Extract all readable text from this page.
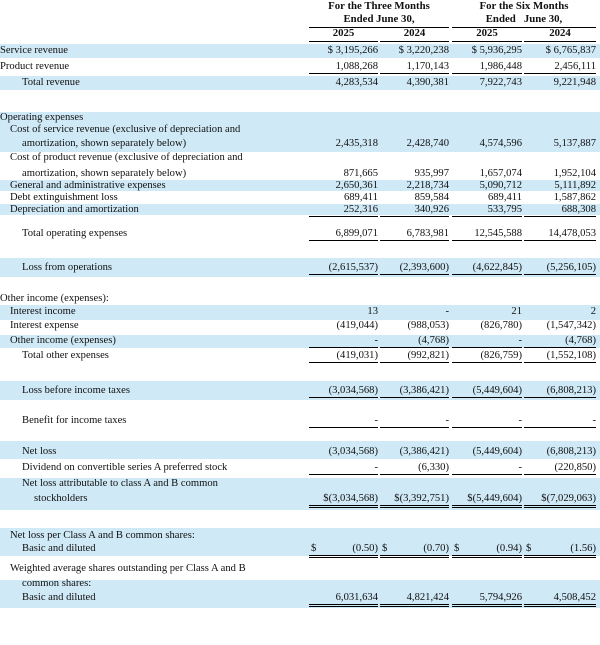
For the Three Months
Ended June 30,
For the Six Months
Ended   June 30,
2025	2024	2025	2024
Service revenue	$ 3,195,266	$ 3,220,238	$ 5,936,295	$ 6,765,837
Product revenue	1,088,268	1,170,143	1,986,448	2,456,111
Total revenue	4,283,534	4,390,381	7,922,743	9,221,948
Operating expenses
Cost of service revenue (exclusive of depreciation and
amortization, shown separately below)	2,435,318	2,428,740	4,574,596	5,137,887
Cost of product revenue (exclusive of depreciation and
amortization, shown separately below)	871,665	935,997	1,657,074	1,952,104
General and administrative expenses	2,650,361	2,218,734	5,090,712	5,111,892
Debt extinguishment loss	689,411	859,584	689,411	1,587,862
Depreciation and amortization	252,316	340,926	533,795	688,308
Total operating expenses	6,899,071	6,783,981	12,545,588	14,478,053
Loss from operations	(2,615,537)	(2,393,600)	(4,622,845)	(5,256,105)
Other income (expenses):
Interest income	13	-	21	2
Interest expense	(419,044)	(988,053)	(826,780)	(1,547,342)
Other income (expenses)	-	(4,768)	-	(4,768)
Total other expenses	(419,031)	(992,821)	(826,759)	(1,552,108)
Loss before income taxes	(3,034,568)	(3,386,421)	(5,449,604)	(6,808,213)
Benefit for income taxes	-	-	-	-
Net loss	(3,034,568)	(3,386,421)	(5,449,604)	(6,808,213)
Dividend on convertible series A preferred stock	-	(6,330)	-	(220,850)
Net loss attributable to class A and B common
stockholders	$(3,034,568)	$(3,392,751)	$(5,449,604)	$(7,029,063)
Net loss per Class A and B common shares:
Basic and diluted	$	(0.50) $	(0.70) $	(0.94) $	(1.56)
Weighted average shares outstanding per Class A and B
common shares:
Basic and diluted	6,031,634	4,821,424	5,794,926	4,508,452
